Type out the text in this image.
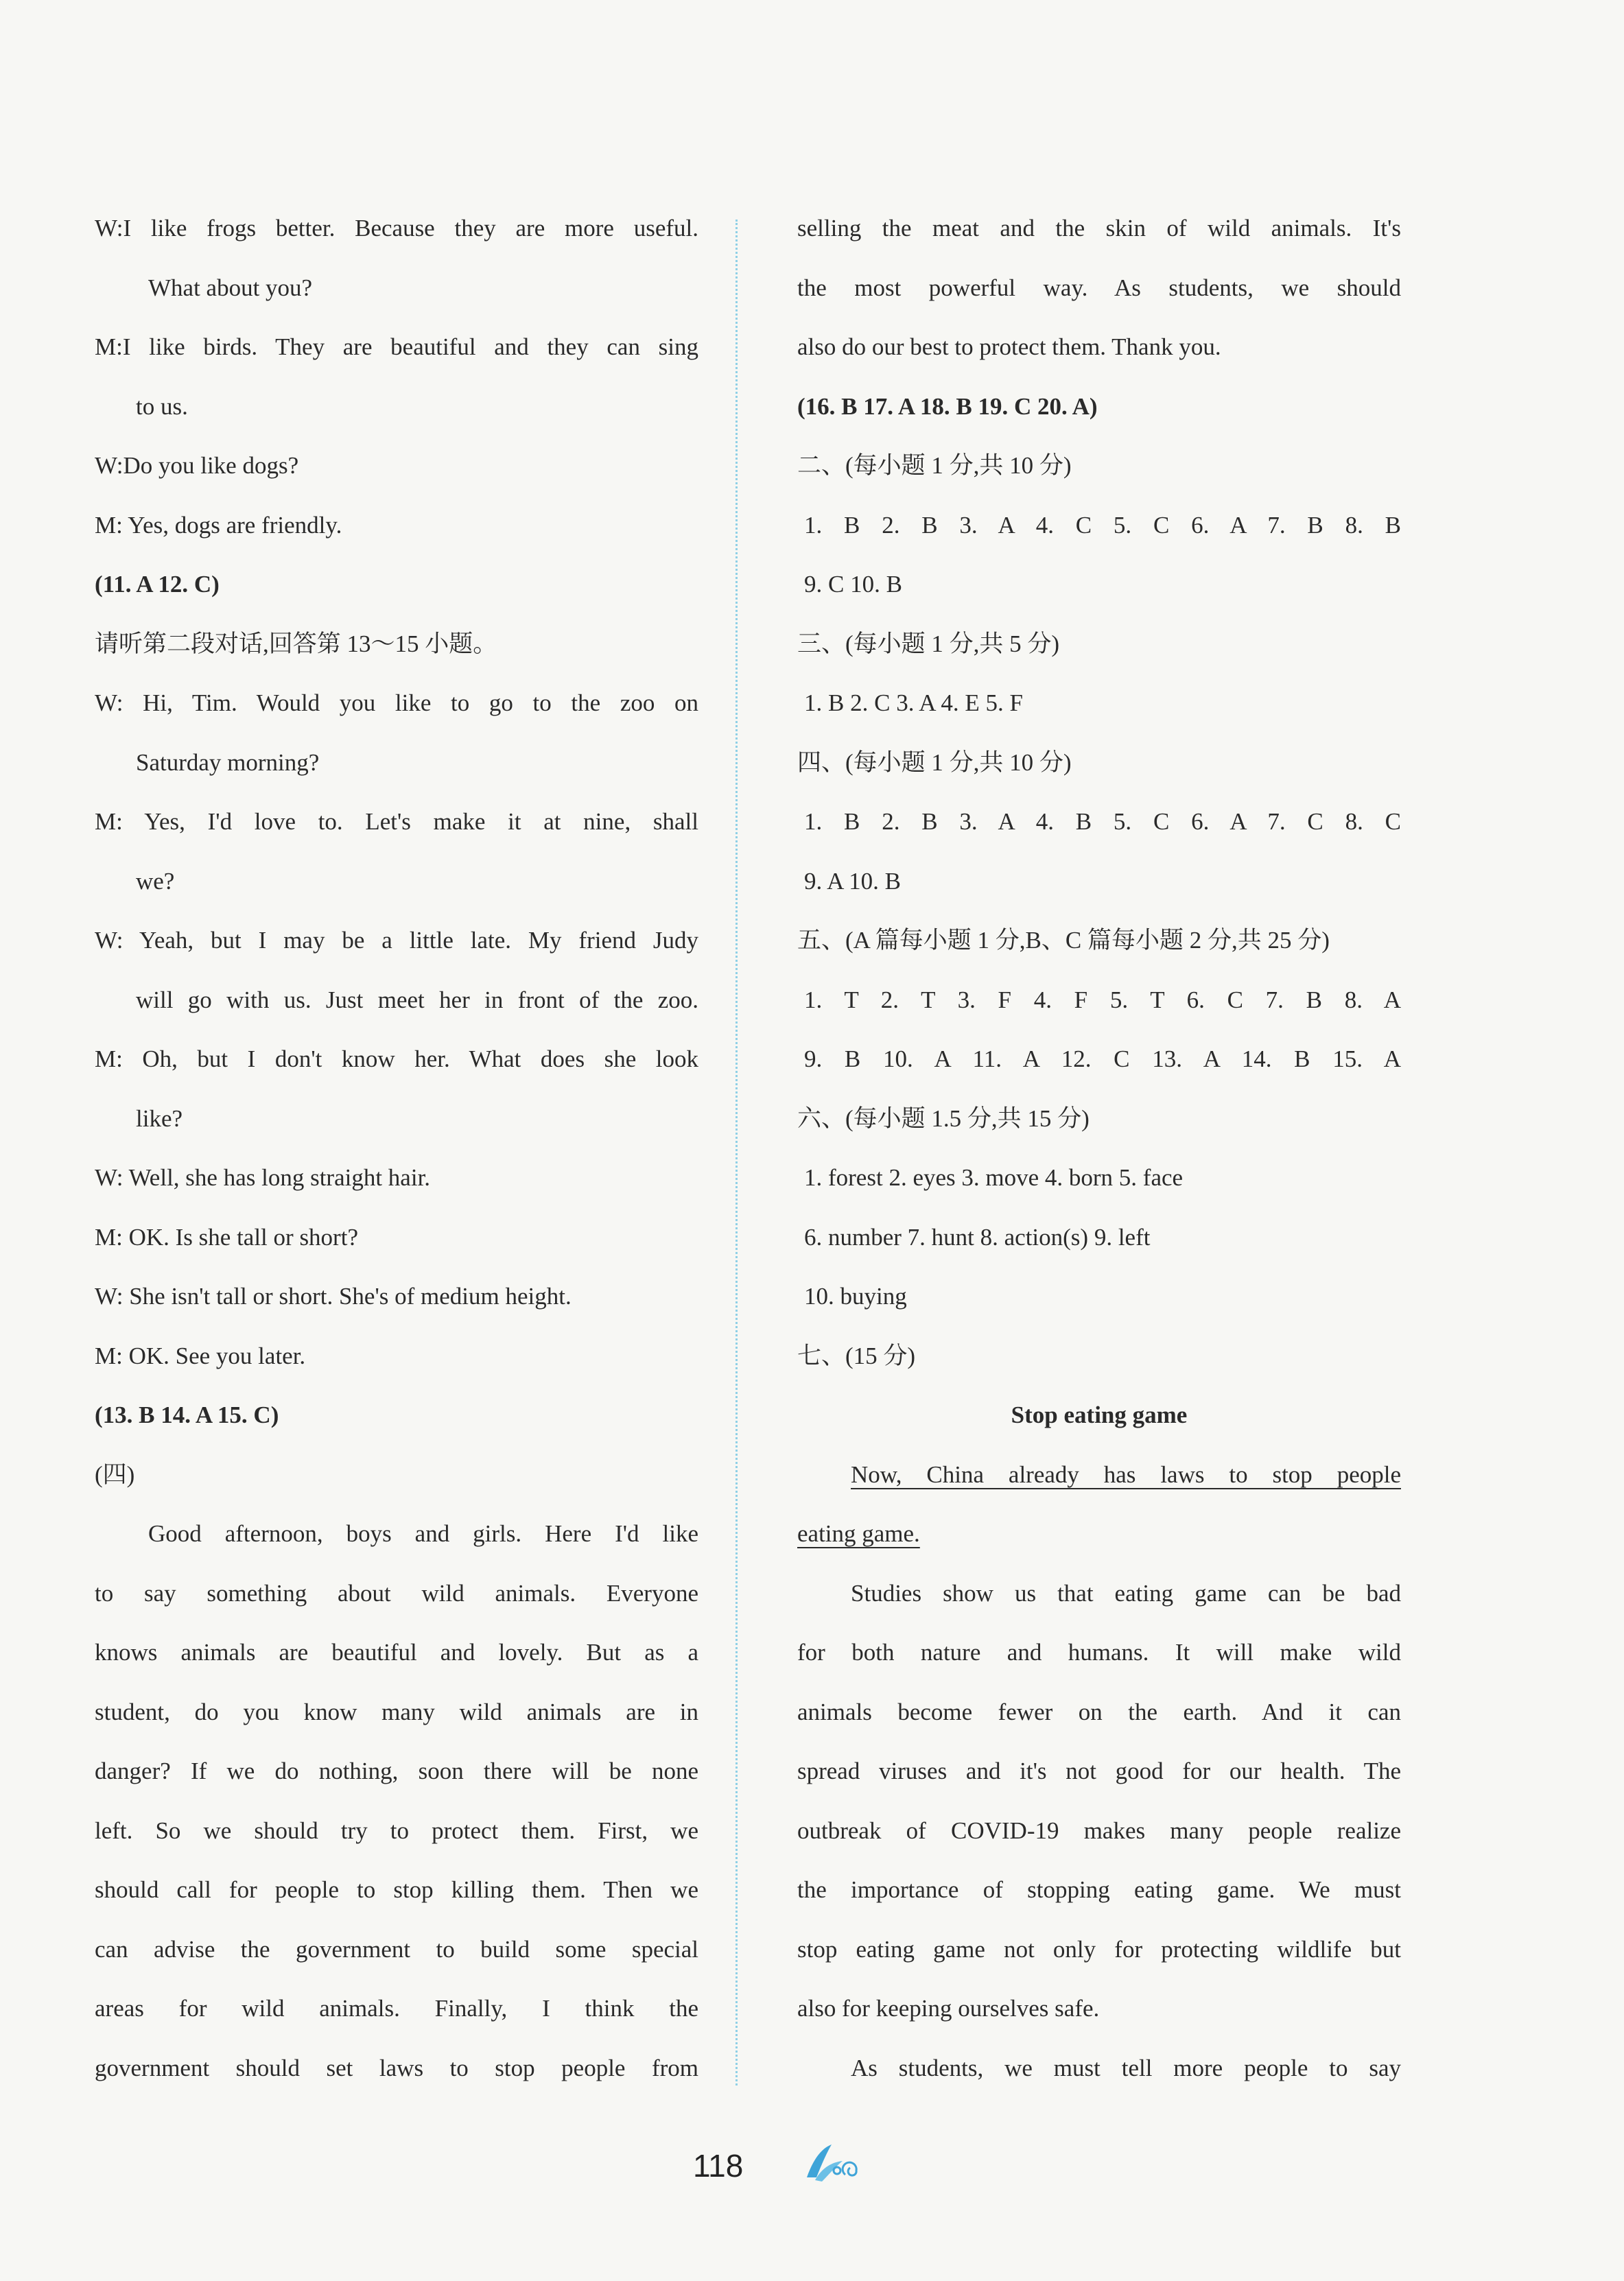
W:I like frogs better. Because they are more useful.
What about you?
M:I like birds. They are beautiful and they can sing
to us.
W:Do you like dogs?
M: Yes, dogs are friendly.
(11. A 12. C)
请听第二段对话,回答第 13～15 小题。
W: Hi, Tim. Would you like to go to the zoo on
Saturday morning?
M: Yes, I'd love to. Let's make it at nine, shall
we?
W: Yeah, but I may be a little late. My friend Judy
will go with us. Just meet her in front of the zoo.
M: Oh, but I don't know her. What does she look
like?
W: Well, she has long straight hair.
M: OK. Is she tall or short?
W: She isn't tall or short. She's of medium height.
M: OK. See you later.
(13. B 14. A 15. C)
(四)
Good afternoon, boys and girls. Here I'd like
to say something about wild animals. Everyone
knows animals are beautiful and lovely. But as a
student, do you know many wild animals are in
danger? If we do nothing, soon there will be none
left. So we should try to protect them. First, we
should call for people to stop killing them. Then we
can advise the government to build some special
areas for wild animals. Finally, I think the
government should set laws to stop people from
selling the meat and the skin of wild animals. It's
the most powerful way. As students, we should
also do our best to protect them. Thank you.
(16. B 17. A 18. B 19. C 20. A)
二、(每小题 1 分,共 10 分)
1. B 2. B 3. A 4. C 5. C 6. A 7. B 8. B
9. C 10. B
三、(每小题 1 分,共 5 分)
1. B 2. C 3. A 4. E 5. F
四、(每小题 1 分,共 10 分)
1. B 2. B 3. A 4. B 5. C 6. A 7. C 8. C
9. A 10. B
五、(A 篇每小题 1 分,B、C 篇每小题 2 分,共 25 分)
1. T 2. T 3. F 4. F 5. T 6. C 7. B 8. A
9. B 10. A 11. A 12. C 13. A 14. B 15. A
六、(每小题 1.5 分,共 15 分)
1. forest 2. eyes 3. move 4. born 5. face
6. number 7. hunt 8. action(s) 9. left
10. buying
七、(15 分)
Stop eating game
Now, China already has laws to stop people
eating game.
Studies show us that eating game can be bad
for both nature and humans. It will make wild
animals become fewer on the earth. And it can
spread viruses and it's not good for our health. The
outbreak of COVID-19 makes many people realize
the importance of stopping eating game. We must
stop eating game not only for protecting wildlife but
also for keeping ourselves safe.
As students, we must tell more people to say
118
